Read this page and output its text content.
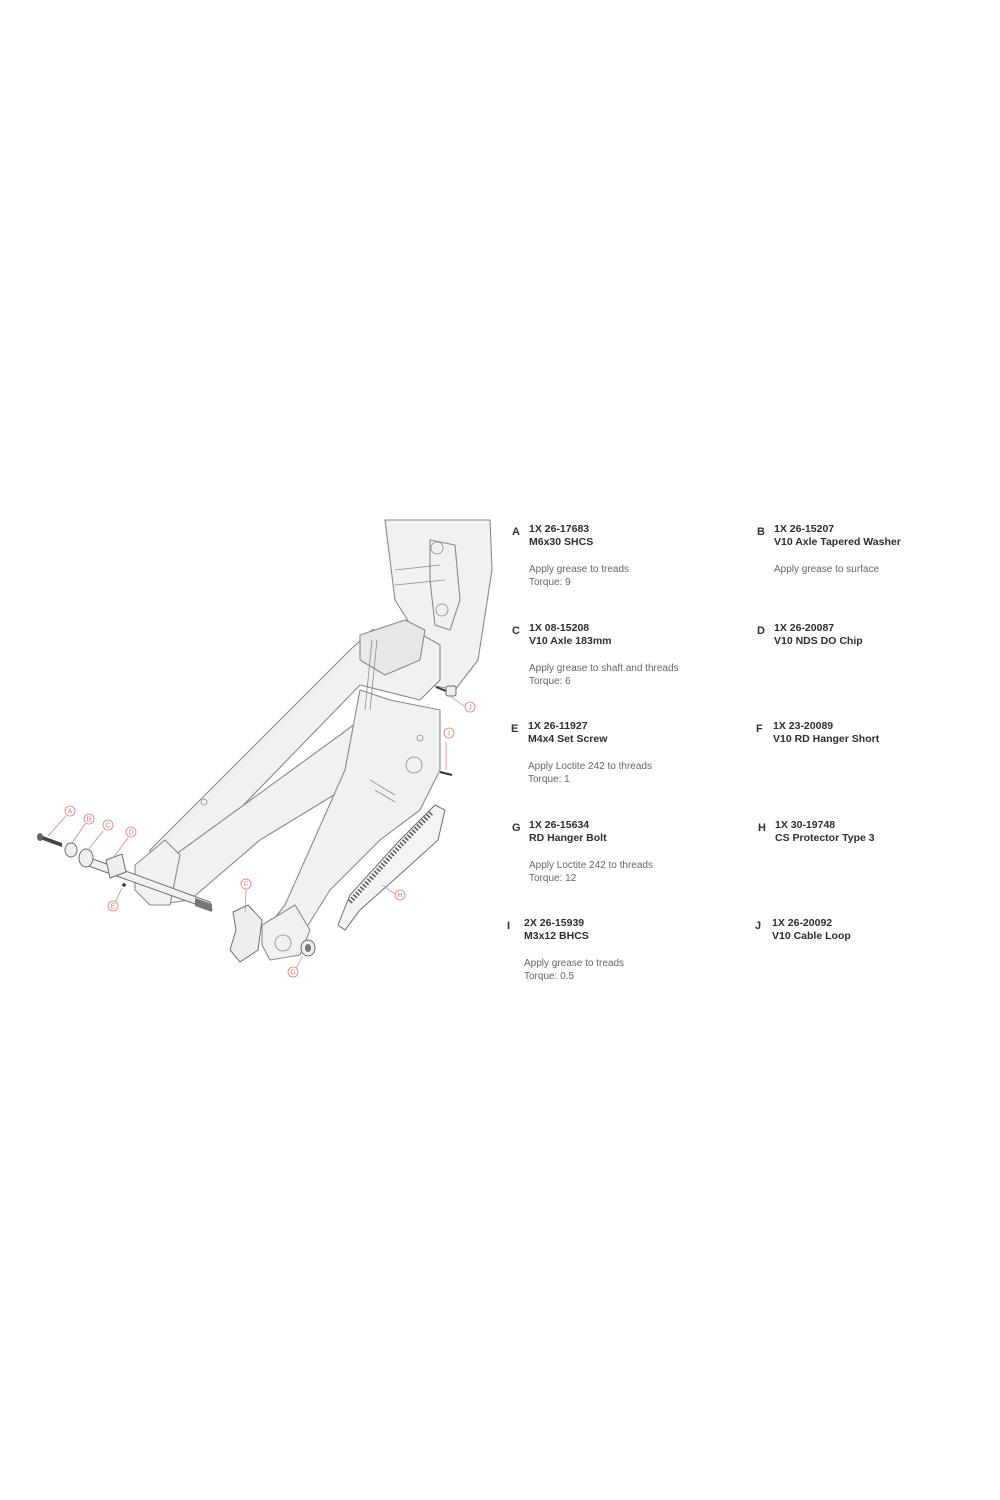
A
B
C
D
E
F
G
H
I
J
A 1X 26-17683
M6x30 SHCS
Apply grease to treads
Torque: 9
B 1X 26-15207
V10 Axle Tapered Washer
Apply grease to surface
C 1X 08-15208
V10 Axle 183mm
Apply grease to shaft and threads
Torque: 6
D 1X 26-20087
V10 NDS DO Chip
E 1X 26-11927
M4x4 Set Screw
Apply Loctite 242 to threads
Torque: 1
F 1X 23-20089
V10 RD Hanger Short
G 1X 26-15634
RD Hanger Bolt
Apply Loctite 242 to threads
Torque: 12
H 1X 30-19748
CS Protector Type 3
I 2X 26-15939
M3x12 BHCS
Apply grease to treads
Torque: 0.5
J 1X 26-20092
V10 Cable Loop
